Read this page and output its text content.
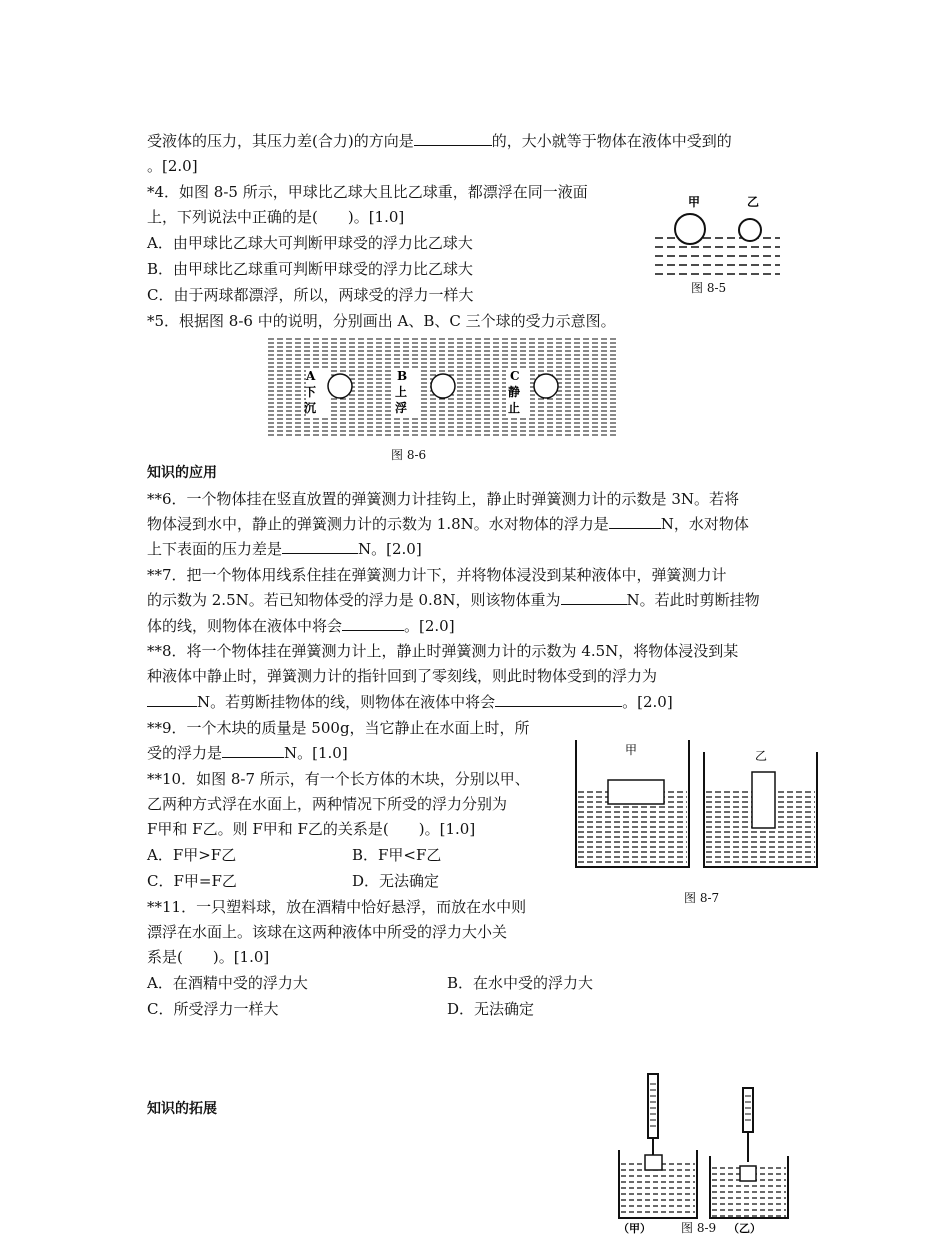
受液体的压力，其压力差(合力)的方向是	的，大小就等于物体在液体中受到的
。[2.0]
*4．如图 8-5 所示，甲球比乙球大且比乙球重，都漂浮在同一液面
上，下列说法中正确的是(　　)。[1.0]
A．由甲球比乙球大可判断甲球受的浮力比乙球大
B．由甲球比乙球重可判断甲球受的浮力比乙球大
C．由于两球都漂浮，所以，两球受的浮力一样大
甲	乙
图 8-5
*5．根据图 8-6 中的说明，分别画出 A、B、C 三个球的受力示意图。
A
下
沉
B
上
浮
C
静
止
图 8-6
知识的应用
**6．一个物体挂在竖直放置的弹簧测力计挂钩上，静止时弹簧测力计的示数是 3N。若将
物体浸到水中，静止的弹簧测力计的示数为 1.8N。水对物体的浮力是	N，水对物体
上下表面的压力差是	N。[2.0]
**7．把一个物体用线系住挂在弹簧测力计下，并将物体浸没到某种液体中，弹簧测力计
的示数为 2.5N。若已知物体受的浮力是 0.8N，则该物体重为	N。若此时剪断挂物
体的线，则物体在液体中将会	。[2.0]
**8．将一个物体挂在弹簧测力计上，静止时弹簧测力计的示数为 4.5N，将物体浸没到某
种液体中静止时，弹簧测力计的指针回到了零刻线，则此时物体受到的浮力为
N。若剪断挂物体的线，则物体在液体中将会	。[2.0]
**9．一个木块的质量是 500g，当它静止在水面上时，所
受的浮力是	N。[1.0]
**10．如图 8-7 所示，有一个长方体的木块，分别以甲、
乙两种方式浮在水面上，两种情况下所受的浮力分别为
F甲和 F乙。则 F甲和 F乙的关系是(　　)。[1.0]
A．F甲>F乙	B．F甲<F乙
C．F甲=F乙	D．无法确定
甲	乙
图 8-7
**11．一只塑料球，放在酒精中恰好悬浮，而放在水中则
漂浮在水面上。该球在这两种液体中所受的浮力大小关
系是(　　)。[1.0]
A．在酒精中受的浮力大	B．在水中受的浮力大
C．所受浮力一样大	D．无法确定
知识的拓展
（甲）	（乙）
图 8-9
